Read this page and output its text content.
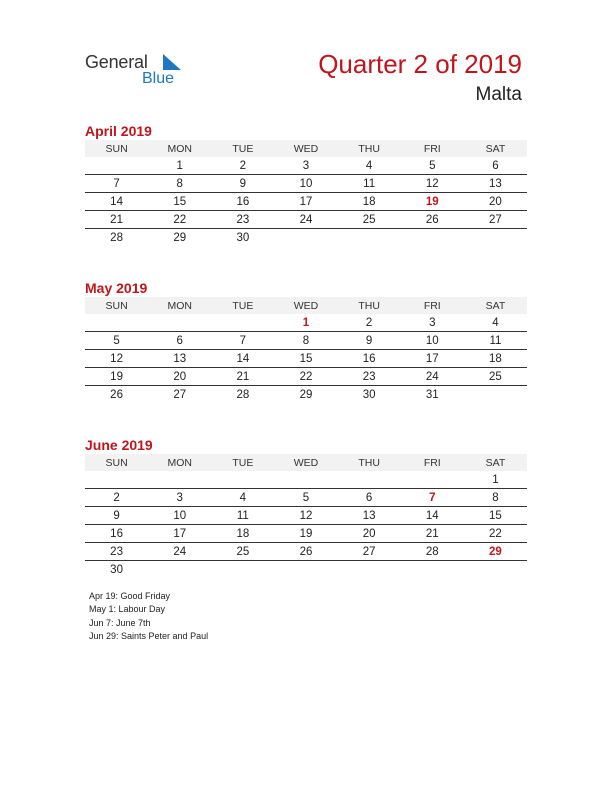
General
Blue	Quarter 2 of 2019
Malta
April 2019
SUN	MON	TUE	WED	THU	FRI	SAT
	1	2	3	4	5	6
7	8	9	10	11	12	13
14	15	16	17	18	19	20
21	22	23	24	25	26	27
28	29	30				
May 2019
SUN	MON	TUE	WED	THU	FRI	SAT
			1	2	3	4
5	6	7	8	9	10	11
12	13	14	15	16	17	18
19	20	21	22	23	24	25
26	27	28	29	30	31	
June 2019
SUN	MON	TUE	WED	THU	FRI	SAT
						1
2	3	4	5	6	7	8
9	10	11	12	13	14	15
16	17	18	19	20	21	22
23	24	25	26	27	28	29
30						
Apr 19: Good Friday
May 1: Labour Day
Jun 7: June 7th
Jun 29: Saints Peter and Paul
